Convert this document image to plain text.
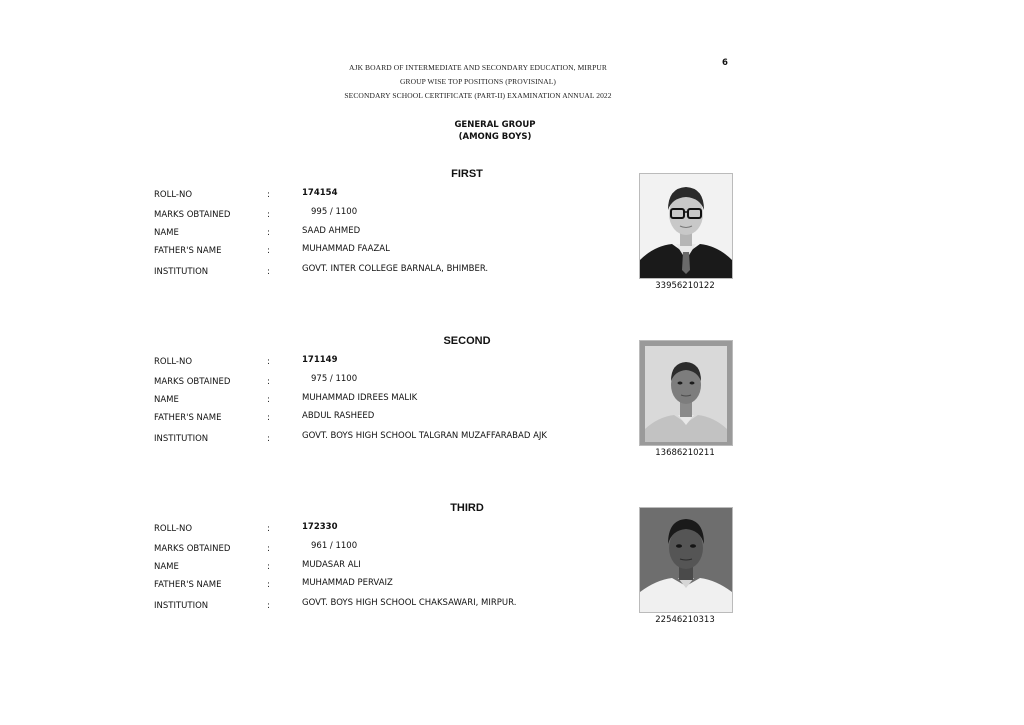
AJK BOARD OF INTERMEDIATE AND SECONDARY EDUCATION, MIRPUR
GROUP WISE TOP POSITIONS (PROVISINAL)
SECONDARY SCHOOL CERTIFICATE (PART-II) EXAMINATION ANNUAL 2022
6
GENERAL GROUP
(AMONG BOYS)
FIRST
ROLL-NO	:	174154
MARKS OBTAINED	:	995 / 1100
NAME	:	SAAD AHMED
FATHER'S NAME	:	MUHAMMAD FAAZAL
INSTITUTION	:	GOVT. INTER COLLEGE BARNALA, BHIMBER.
33956210122
SECOND
ROLL-NO	:	171149
MARKS OBTAINED	:	975 / 1100
NAME	:	MUHAMMAD IDREES MALIK
FATHER'S NAME	:	ABDUL RASHEED
INSTITUTION	:	GOVT. BOYS HIGH SCHOOL TALGRAN MUZAFFARABAD AJK
13686210211
THIRD
ROLL-NO	:	172330
MARKS OBTAINED	:	961 / 1100
NAME	:	MUDASAR ALI
FATHER'S NAME	:	MUHAMMAD PERVAIZ
INSTITUTION	:	GOVT. BOYS HIGH SCHOOL CHAKSAWARI, MIRPUR.
22546210313
